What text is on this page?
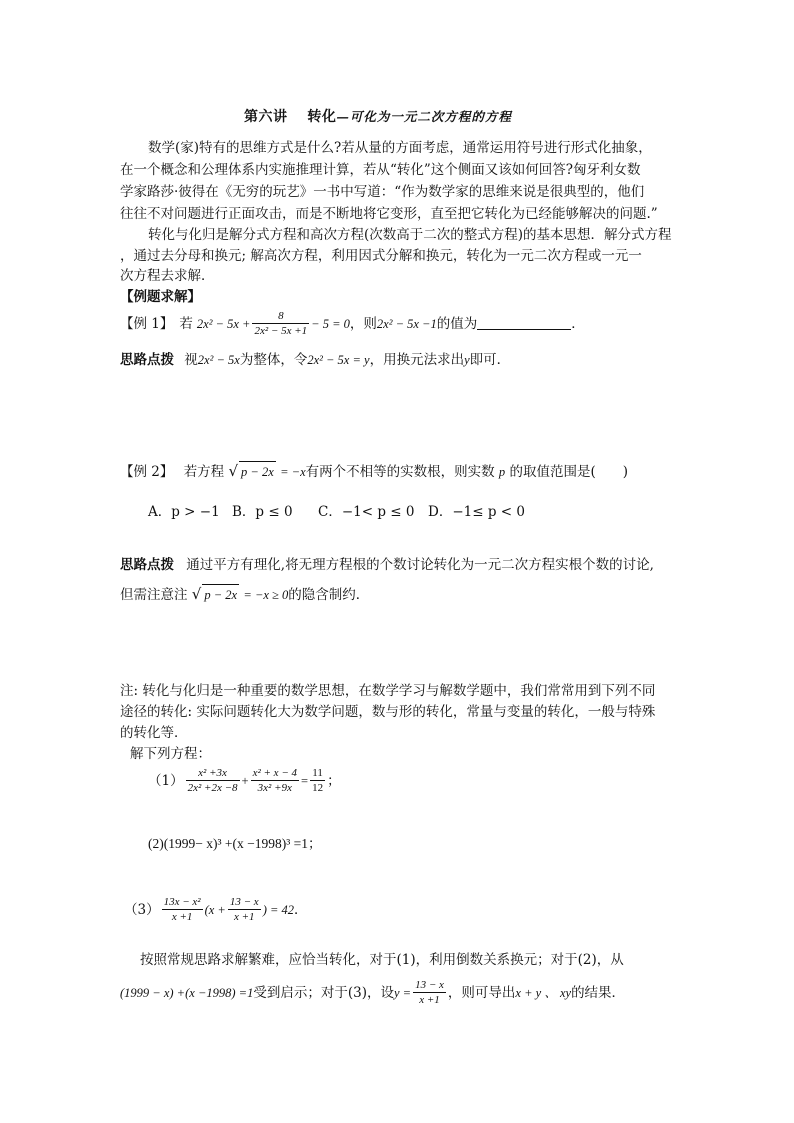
第六讲　 转化—可化为一元二次方程的方程
数学(家)特有的思维方式是什么?若从量的方面考虑，通常运用符号进行形式化抽象，
在一个概念和公理体系内实施推理计算，若从“转化”这个侧面又该如何回答?匈牙利女数
学家路莎·彼得在《无穷的玩艺》一书中写道：“作为数学家的思维来说是很典型的，他们
往往不对问题进行正面攻击，而是不断地将它变形，直至把它转化为已经能够解决的问题.”
转化与化归是解分式方程和高次方程(次数高于二次的整式方程)的基本思想．解分式方程
，通过去分母和换元; 解高次方程，利用因式分解和换元，转化为一元二次方程或一元一
次方程去求解．
【例题求解】
【例 1】 若 $2x^2 - 5x + \frac{8}{\text{2x² − 5x +1}} - 5 = 0$ ，则 2x² − 5x −1 的值为	．
思路点拨 视2x² − 5x为整体，令2x² − 5x = y，用换元法求出y即可．
【例 2】 若方程 √ p − 2x = −x有两个不相等的实数根，则实数 p 的取值范围是(　　)
A．p > −1 B．p ≤ 0 C．−1< p ≤ 0 D．−1≤ p < 0
思路点拨 通过平方有理化,将无理方程根的个数讨论转化为一元二次方程实根个数的讨论,
但需注意注 √ p − 2x = −x ≥ 0的隐含制约．
注: 转化与化归是一种重要的数学思想，在数学学习与解数学题中，我们常常用到下列不同
途径的转化: 实际问题转化大为数学问题，数与形的转化，常量与变量的转化，一般与特殊
的转化等．
解下列方程：
$(1) \frac{\text{x² +3x}}{\text{2x² +2x −8}} + \frac{\text{x² + x − 4}}{\text{3x² +9x}} = \frac{11}{12}$ ；
(2)(1999− x)³ +(x −1998)³ =1；
$(3) \frac{\text{13x − x²}}{x +1} (x + \frac{13 - x}{x +1}$ ) = 42 ．
按照常规思路求解繁难，应恰当转化，对于(1)，利用倒数关系换元；对于(2)，从
(1999 − x) +(x −1998) =1 受到启示；对于(3)，设 $y = \frac{13 - x}{x +1}$ ，则可导出 x + y 、 xy 的结果．
